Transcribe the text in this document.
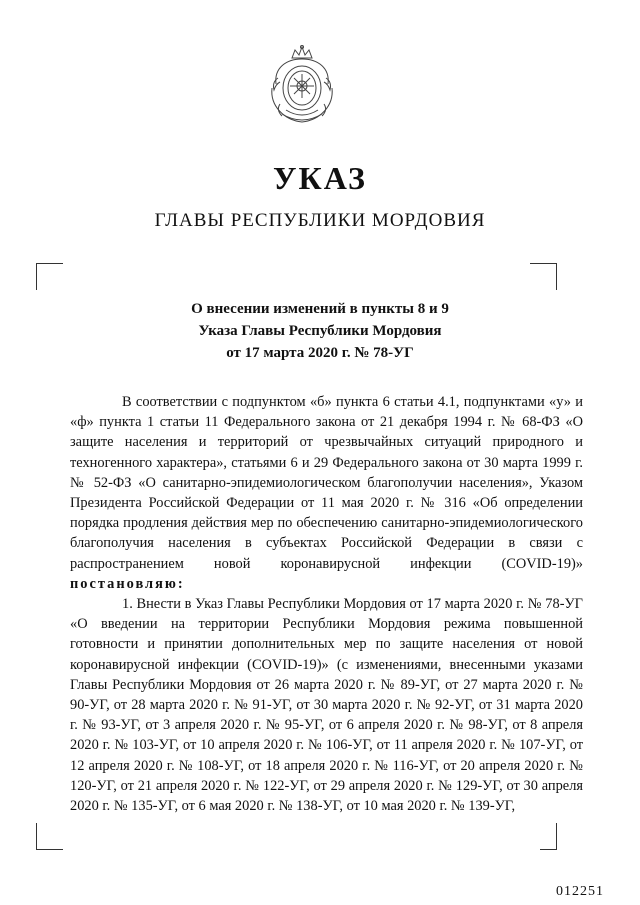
УКАЗ
ГЛАВЫ РЕСПУБЛИКИ МОРДОВИЯ
О внесении изменений в пункты 8 и 9
Указа Главы Республики Мордовия
от 17 марта 2020 г. № 78-УГ

В соответствии с подпунктом «б» пункта 6 статьи 4.1, подпунктами «у» и «ф» пункта 1 статьи 11 Федерального закона от 21 декабря 1994 г. № 68-ФЗ «О защите населения и территорий от чрезвычайных ситуаций природного и техногенного характера», статьями 6 и 29 Федерального закона от 30 марта 1999 г. № 52-ФЗ «О санитарно-эпидемиологическом благополучии населения», Указом Президента Российской Федерации от 11 мая 2020 г. № 316 «Об определении порядка продления действия мер по обеспечению санитарно-эпидемиологического благополучия населения в субъектах Российской Федерации в связи с распространением новой коронавирусной инфекции (COVID-19)» постановляю:

1. Внести в Указ Главы Республики Мордовия от 17 марта 2020 г. № 78-УГ «О введении на территории Республики Мордовия режима повышенной готовности и принятии дополнительных мер по защите населения от новой коронавирусной инфекции (COVID-19)» (с изменениями, внесенными указами Главы Республики Мордовия от 26 марта 2020 г. № 89-УГ, от 27 марта 2020 г. № 90-УГ, от 28 марта 2020 г. № 91-УГ, от 30 марта 2020 г. № 92-УГ, от 31 марта 2020 г. № 93-УГ, от 3 апреля 2020 г. № 95-УГ, от 6 апреля 2020 г. № 98-УГ, от 8 апреля 2020 г. № 103-УГ, от 10 апреля 2020 г. № 106-УГ, от 11 апреля 2020 г. № 107-УГ, от 12 апреля 2020 г. № 108-УГ, от 18 апреля 2020 г. № 116-УГ, от 20 апреля 2020 г. № 120-УГ, от 21 апреля 2020 г. № 122-УГ, от 29 апреля 2020 г. № 129-УГ, от 30 апреля 2020 г. № 135-УГ, от 6 мая 2020 г. № 138-УГ, от 10 мая 2020 г. № 139-УГ,

012251
